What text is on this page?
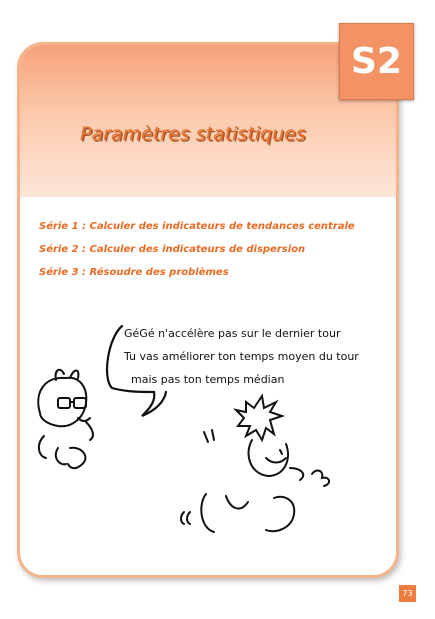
Paramètres statistiques
Série 1 : Calculer des indicateurs de tendances centrale
Série 2 : Calculer des indicateurs de dispersion
Série 3 : Résoudre des problèmes
S2
GéGé n'accélère pas sur le dernier tour
Tu vas améliorer ton temps moyen du tour
mais pas ton temps médian
73
